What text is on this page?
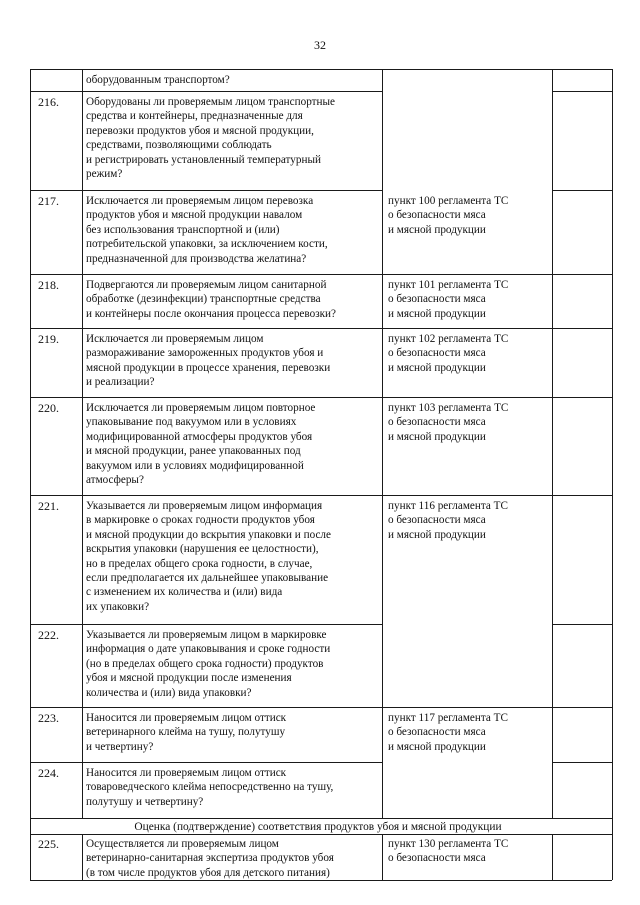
32
оборудованным транспортом?
216. Оборудованы ли проверяемым лицом транспортные
средства и контейнеры, предназначенные для
перевозки продуктов убоя и мясной продукции,
средствами, позволяющими соблюдать
и регистрировать установленный температурный
режим?
217. Исключается ли проверяемым лицом перевозка
продуктов убоя и мясной продукции навалом
без использования транспортной и (или)
потребительской упаковки, за исключением кости,
предназначенной для производства желатина?
пункт 100 регламента ТС
о безопасности мяса
и мясной продукции
218. Подвергаются ли проверяемым лицом санитарной
обработке (дезинфекции) транспортные средства
и контейнеры после окончания процесса перевозки?
пункт 101 регламента ТС
о безопасности мяса
и мясной продукции
219. Исключается ли проверяемым лицом
размораживание замороженных продуктов убоя и
мясной продукции в процессе хранения, перевозки
и реализации?
пункт 102 регламента ТС
о безопасности мяса
и мясной продукции
220. Исключается ли проверяемым лицом повторное
упаковывание под вакуумом или в условиях
модифицированной атмосферы продуктов убоя
и мясной продукции, ранее упакованных под
вакуумом или в условиях модифицированной
атмосферы?
пункт 103 регламента ТС
о безопасности мяса
и мясной продукции
221. Указывается ли проверяемым лицом информация
в маркировке о сроках годности продуктов убоя
и мясной продукции до вскрытия упаковки и после
вскрытия упаковки (нарушения ее целостности),
но в пределах общего срока годности, в случае,
если предполагается их дальнейшее упаковывание
с изменением их количества и (или) вида
их упаковки?
пункт 116 регламента ТС
о безопасности мяса
и мясной продукции
222. Указывается ли проверяемым лицом в маркировке
информация о дате упаковывания и сроке годности
(но в пределах общего срока годности) продуктов
убоя и мясной продукции после изменения
количества и (или) вида упаковки?
223. Наносится ли проверяемым лицом оттиск
ветеринарного клейма на тушу, полутушу
и четвертину?
пункт 117 регламента ТС
о безопасности мяса
и мясной продукции
224. Наносится ли проверяемым лицом оттиск
товароведческого клейма непосредственно на тушу,
полутушу и четвертину?
Оценка (подтверждение) соответствия продуктов убоя и мясной продукции
225. Осуществляется ли проверяемым лицом
ветеринарно-санитарная экспертиза продуктов убоя
(в том числе продуктов убоя для детского питания)
пункт 130 регламента ТС
о безопасности мяса
